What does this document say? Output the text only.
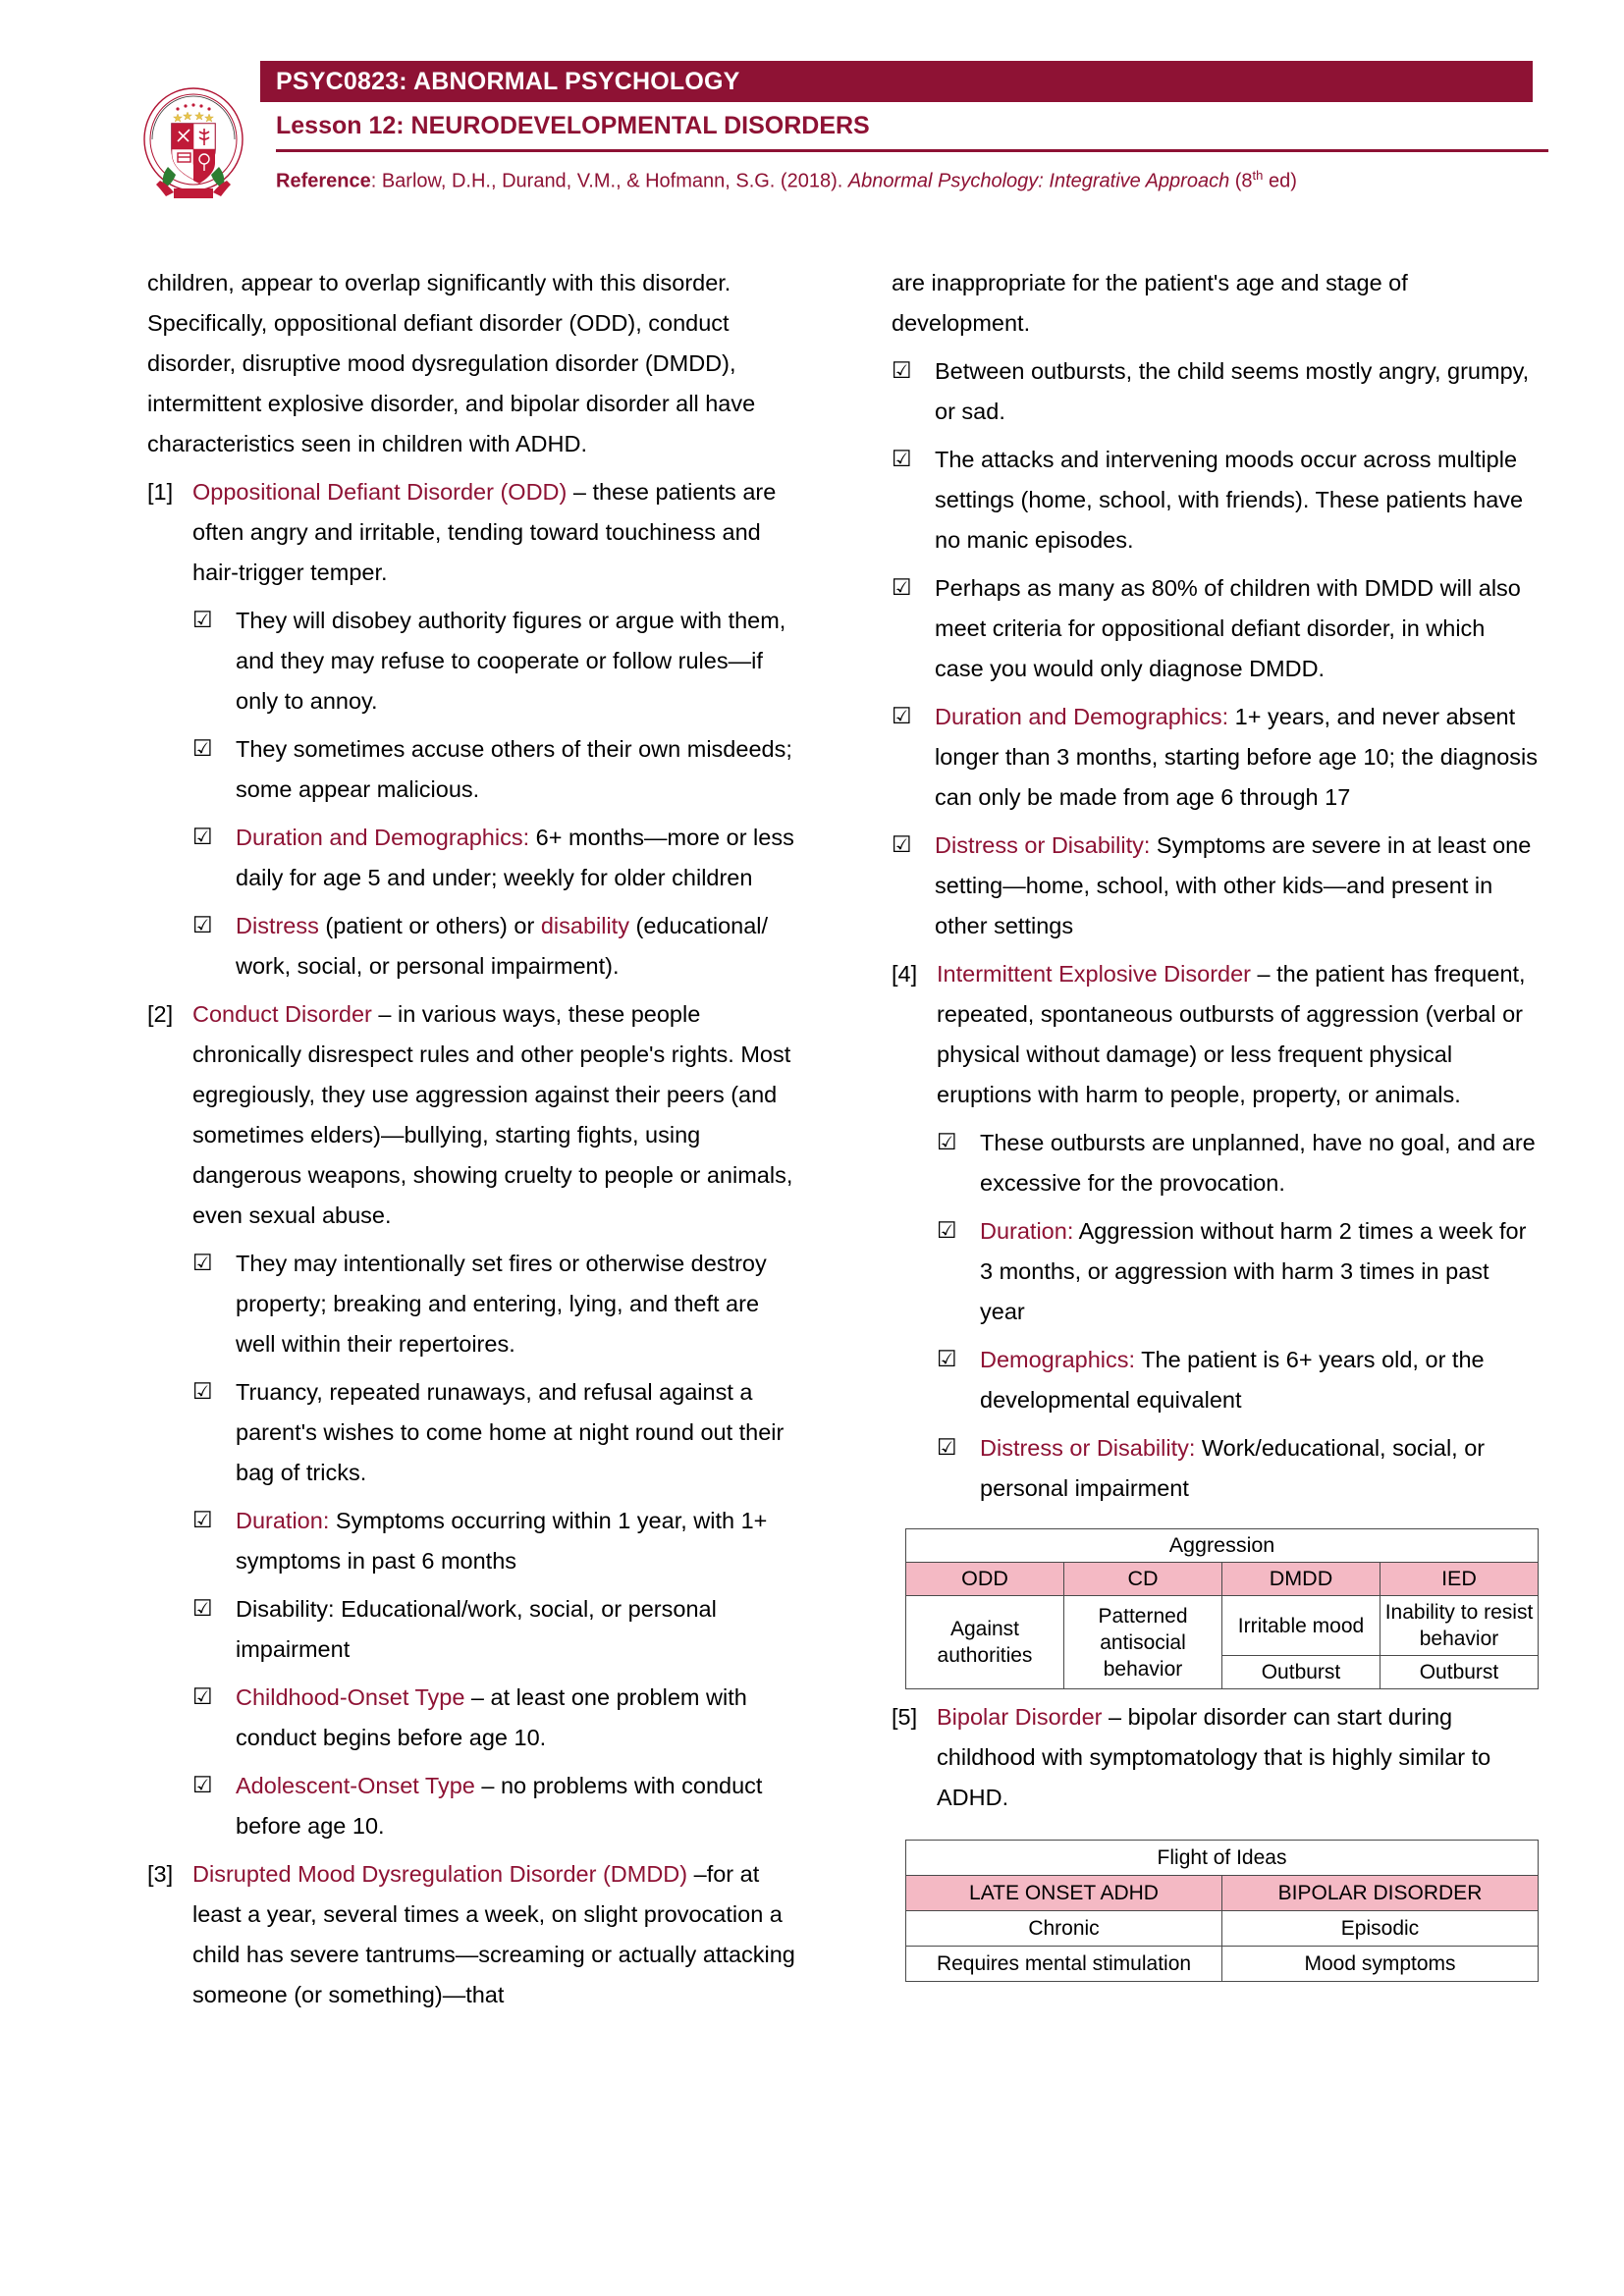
PSYC0823: ABNORMAL PSYCHOLOGY
Lesson 12: NEURODEVELOPMENTAL DISORDERS
Reference: Barlow, D.H., Durand, V.M., & Hofmann, S.G. (2018). Abnormal Psychology: Integrative Approach (8th ed)

children, appear to overlap significantly with this disorder. Specifically, oppositional defiant disorder (ODD), conduct disorder, disruptive mood dysregulation disorder (DMDD), intermittent explosive disorder, and bipolar disorder all have characteristics seen in children with ADHD.

[1] Oppositional Defiant Disorder (ODD) – these patients are often angry and irritable, tending toward touchiness and hair-trigger temper.
☑ They will disobey authority figures or argue with them, and they may refuse to cooperate or follow rules—if only to annoy.
☑ They sometimes accuse others of their own misdeeds; some appear malicious.
☑ Duration and Demographics: 6+ months—more or less daily for age 5 and under; weekly for older children
☑ Distress (patient or others) or disability (educational/ work, social, or personal impairment).
[2] Conduct Disorder – in various ways, these people chronically disrespect rules and other people's rights. Most egregiously, they use aggression against their peers (and sometimes elders)—bullying, starting fights, using dangerous weapons, showing cruelty to people or animals, even sexual abuse.
☑ They may intentionally set fires or otherwise destroy property; breaking and entering, lying, and theft are well within their repertoires.
☑ Truancy, repeated runaways, and refusal against a parent's wishes to come home at night round out their bag of tricks.
☑ Duration: Symptoms occurring within 1 year, with 1+ symptoms in past 6 months
☑ Disability: Educational/work, social, or personal impairment
☑ Childhood-Onset Type – at least one problem with conduct begins before age 10.
☑ Adolescent-Onset Type – no problems with conduct before age 10.
[3] Disrupted Mood Dysregulation Disorder (DMDD) –for at least a year, several times a week, on slight provocation a child has severe tantrums—screaming or actually attacking someone (or something)—that

are inappropriate for the patient's age and stage of development.

☑ Between outbursts, the child seems mostly angry, grumpy, or sad.
☑ The attacks and intervening moods occur across multiple settings (home, school, with friends). These patients have no manic episodes.
☑ Perhaps as many as 80% of children with DMDD will also meet criteria for oppositional defiant disorder, in which case you would only diagnose DMDD.
☑ Duration and Demographics: 1+ years, and never absent longer than 3 months, starting before age 10; the diagnosis can only be made from age 6 through 17
☑ Distress or Disability: Symptoms are severe in at least one setting—home, school, with other kids—and present in other settings
[4] Intermittent Explosive Disorder – the patient has frequent, repeated, spontaneous outbursts of aggression (verbal or physical without damage) or less frequent physical eruptions with harm to people, property, or animals.
☑ These outbursts are unplanned, have no goal, and are excessive for the provocation.
☑ Duration: Aggression without harm 2 times a week for 3 months, or aggression with harm 3 times in past year
☑ Demographics: The patient is 6+ years old, or the developmental equivalent
☑ Distress or Disability: Work/educational, social, or personal impairment
Aggression			
ODD	CD	DMDD	IED
Against authorities	Patterned antisocial behavior	Irritable mood	Inability to resist behavior
		Outburst	Outburst
[5] Bipolar Disorder – bipolar disorder can start during childhood with symptomatology that is highly similar to ADHD.
Flight of Ideas	
LATE ONSET ADHD	BIPOLAR DISORDER
Chronic	Episodic
Requires mental stimulation	Mood symptoms
